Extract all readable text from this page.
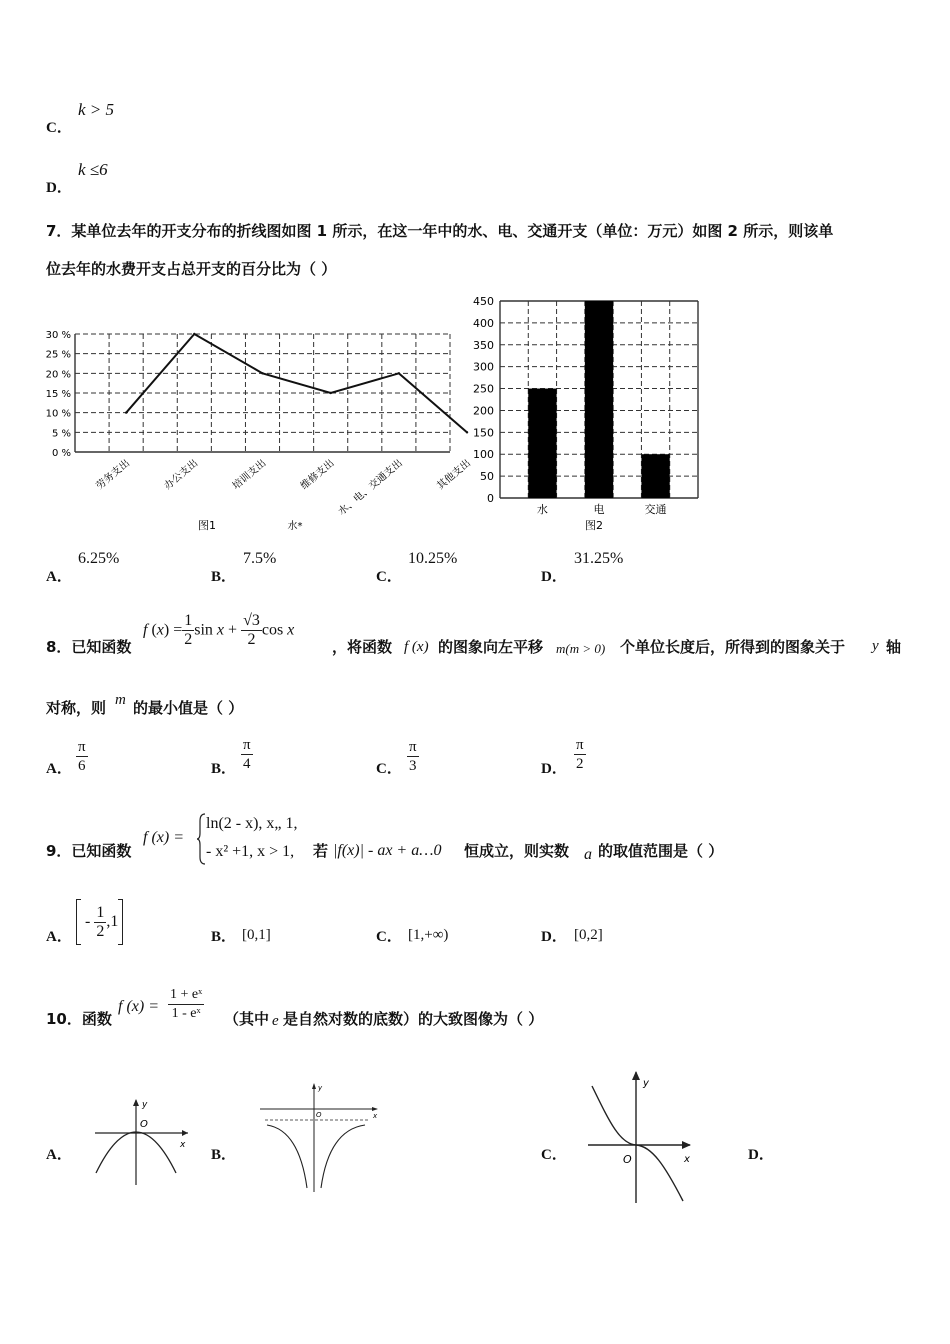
C．
k > 5
D．
k ≤6
7．某单位去年的开支分布的折线图如图 1 所示，在这一年中的水、电、交通开支（单位：万元）如图 2 所示，则该单
位去年的水费开支占总开支的百分比为（ ）
0 %
5 %
10 %
15 %
20 %
25 %
30 %
劳务支出	办公支出	培训支出	维修支出 水、电、交通支出	其他支出
图1	水*
0
50
100
150
200
250
300
350
400
450
水	电	交通
图2
A．
6.25%
B．
7.5%
C．
10.25%
D．
31.25%
8．已知函数
f $(x) = \frac{1}{2}$ $\sin x + \frac{√3}{2}$ cos x
，将函数 f (x) 的图象向左平移 m(m > 0) 个单位长度后，所得到的图象关于 y 轴
对称，则 m 的最小值是（ ）
A． $\frac{\pi}{6}$	B． $\frac{\pi}{4}$	C． $\frac{\pi}{3}$	D． $\frac{\pi}{2}$
9．已知函数
f (x) =
ln(2 - x), x„ 1,
- x² +1, x > 1, 若 |f(x)| - ax + a…0 恒成立，则实数 a 的取值范围是（ ）
A．
- $\frac{1}{2} ,1$
B． [0,1]	C． [1,+∞)	D． [0,2]
10．函数
f $(x) = \frac{\text{1 + eˣ}}{\text{1 - eˣ}}$ （其中 e 是自然对数的底数）的大致图像为（ ）
A．	B．	C．	D．
y
x
O
y
x
O
y
x
O
